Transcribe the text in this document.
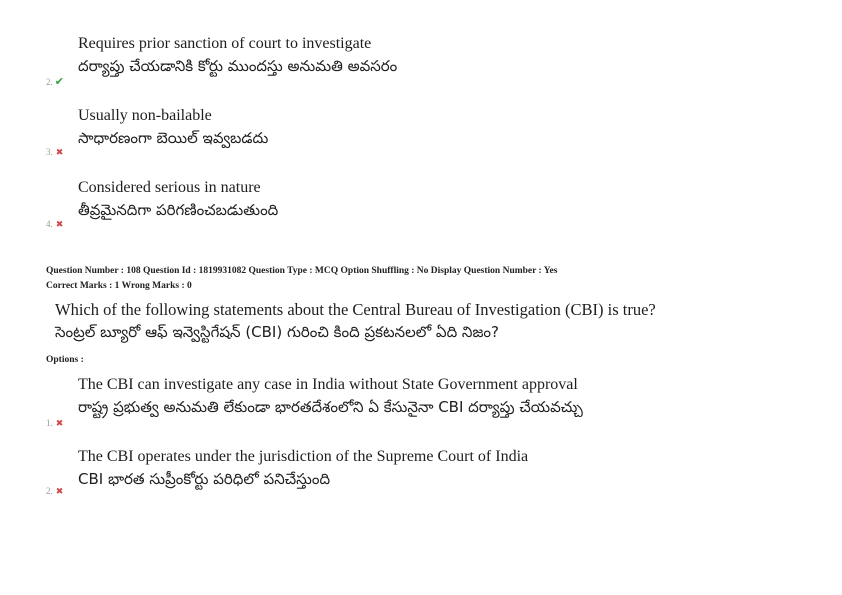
Requires prior sanction of court to investigate
దర్యాప్తు చేయడానికి కోర్టు ముందస్తు అనుమతి అవసరం
2. ✔
Usually non-bailable
సాధారణంగా బెయిల్ ఇవ్వబడదు
3. ✖
Considered serious in nature
తీవ్రమైనదిగా పరిగణించబడుతుంది
4. ✖
Question Number : 108 Question Id : 1819931082 Question Type : MCQ Option Shuffling : No Display Question Number : Yes
Correct Marks : 1 Wrong Marks : 0
Which of the following statements about the Central Bureau of Investigation (CBI) is true?
సెంట్రల్ బ్యూరో ఆఫ్ ఇన్వెస్టిగేషన్ (CBI) గురించి కింది ప్రకటనలలో ఏది నిజం?
Options :
The CBI can investigate any case in India without State Government approval
రాష్ట్ర ప్రభుత్వ అనుమతి లేకుండా భారతదేశంలోని ఏ కేసునైనా CBI దర్యాప్తు చేయవచ్చు
1. ✖
The CBI operates under the jurisdiction of the Supreme Court of India
CBI భారత సుప్రీంకోర్టు పరిధిలో పనిచేస్తుంది
2. ✖
